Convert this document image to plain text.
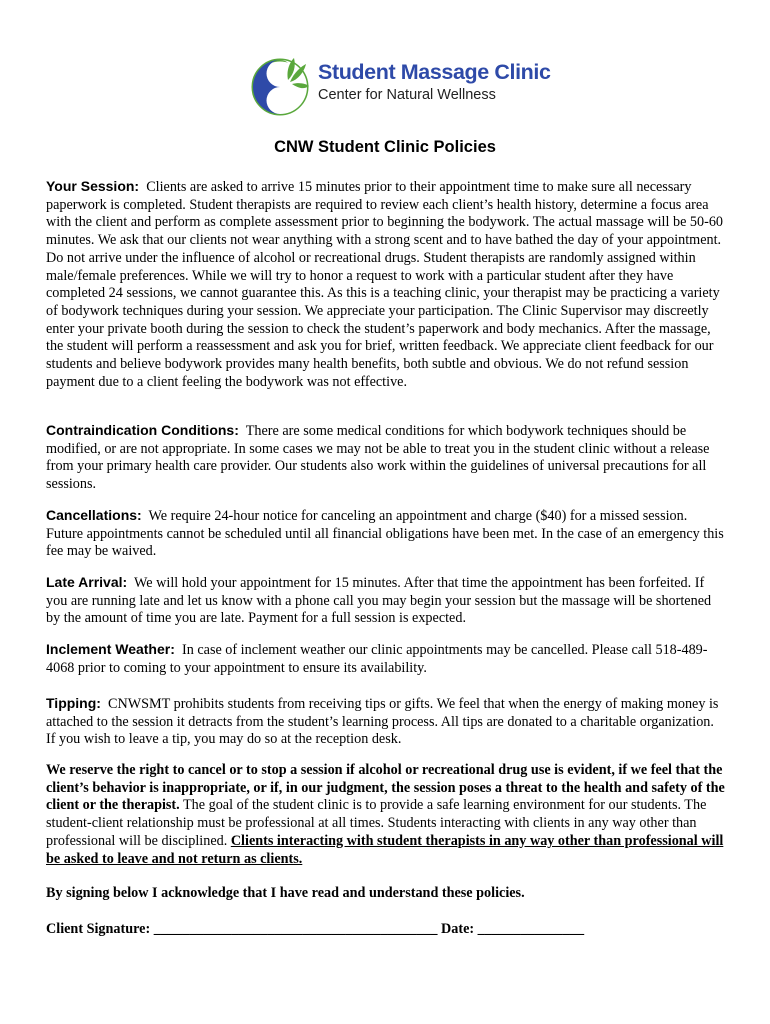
Student Massage Clinic
Center for Natural Wellness
CNW Student Clinic Policies
Your Session: Clients are asked to arrive 15 minutes prior to their appointment time to make sure all necessary paperwork is completed. Student therapists are required to review each client’s health history, determine a focus area with the client and perform as complete assessment prior to beginning the bodywork. The actual massage will be 50-60 minutes. We ask that our clients not wear anything with a strong scent and to have bathed the day of your appointment. Do not arrive under the influence of alcohol or recreational drugs. Student therapists are randomly assigned within male/female preferences. While we will try to honor a request to work with a particular student after they have completed 24 sessions, we cannot guarantee this. As this is a teaching clinic, your therapist may be practicing a variety of bodywork techniques during your session. We appreciate your participation. The Clinic Supervisor may discreetly enter your private booth during the session to check the student’s paperwork and body mechanics. After the massage, the student will perform a reassessment and ask you for brief, written feedback. We appreciate client feedback for our students and believe bodywork provides many health benefits, both subtle and obvious. We do not refund session payment due to a client feeling the bodywork was not effective.
Contraindication Conditions: There are some medical conditions for which bodywork techniques should be modified, or are not appropriate. In some cases we may not be able to treat you in the student clinic without a release from your primary health care provider. Our students also work within the guidelines of universal precautions for all sessions.
Cancellations: We require 24-hour notice for canceling an appointment and charge ($40) for a missed session. Future appointments cannot be scheduled until all financial obligations have been met. In the case of an emergency this fee may be waived.
Late Arrival: We will hold your appointment for 15 minutes. After that time the appointment has been forfeited. If you are running late and let us know with a phone call you may begin your session but the massage will be shortened by the amount of time you are late. Payment for a full session is expected.
Inclement Weather: In case of inclement weather our clinic appointments may be cancelled. Please call 518-489-4068 prior to coming to your appointment to ensure its availability.
Tipping: CNWSMT prohibits students from receiving tips or gifts. We feel that when the energy of making money is attached to the session it detracts from the student’s learning process. All tips are donated to a charitable organization. If you wish to leave a tip, you may do so at the reception desk.
We reserve the right to cancel or to stop a session if alcohol or recreational drug use is evident, if we feel that the client’s behavior is inappropriate, or if, in our judgment, the session poses a threat to the health and safety of the client or the therapist. The goal of the student clinic is to provide a safe learning environment for our students. The student-client relationship must be professional at all times. Students interacting with clients in any way other than professional will be disciplined. Clients interacting with student therapists in any way other than professional will be asked to leave and not return as clients.
By signing below I acknowledge that I have read and understand these policies.
Client Signature: ________________________________________ Date: _______________
